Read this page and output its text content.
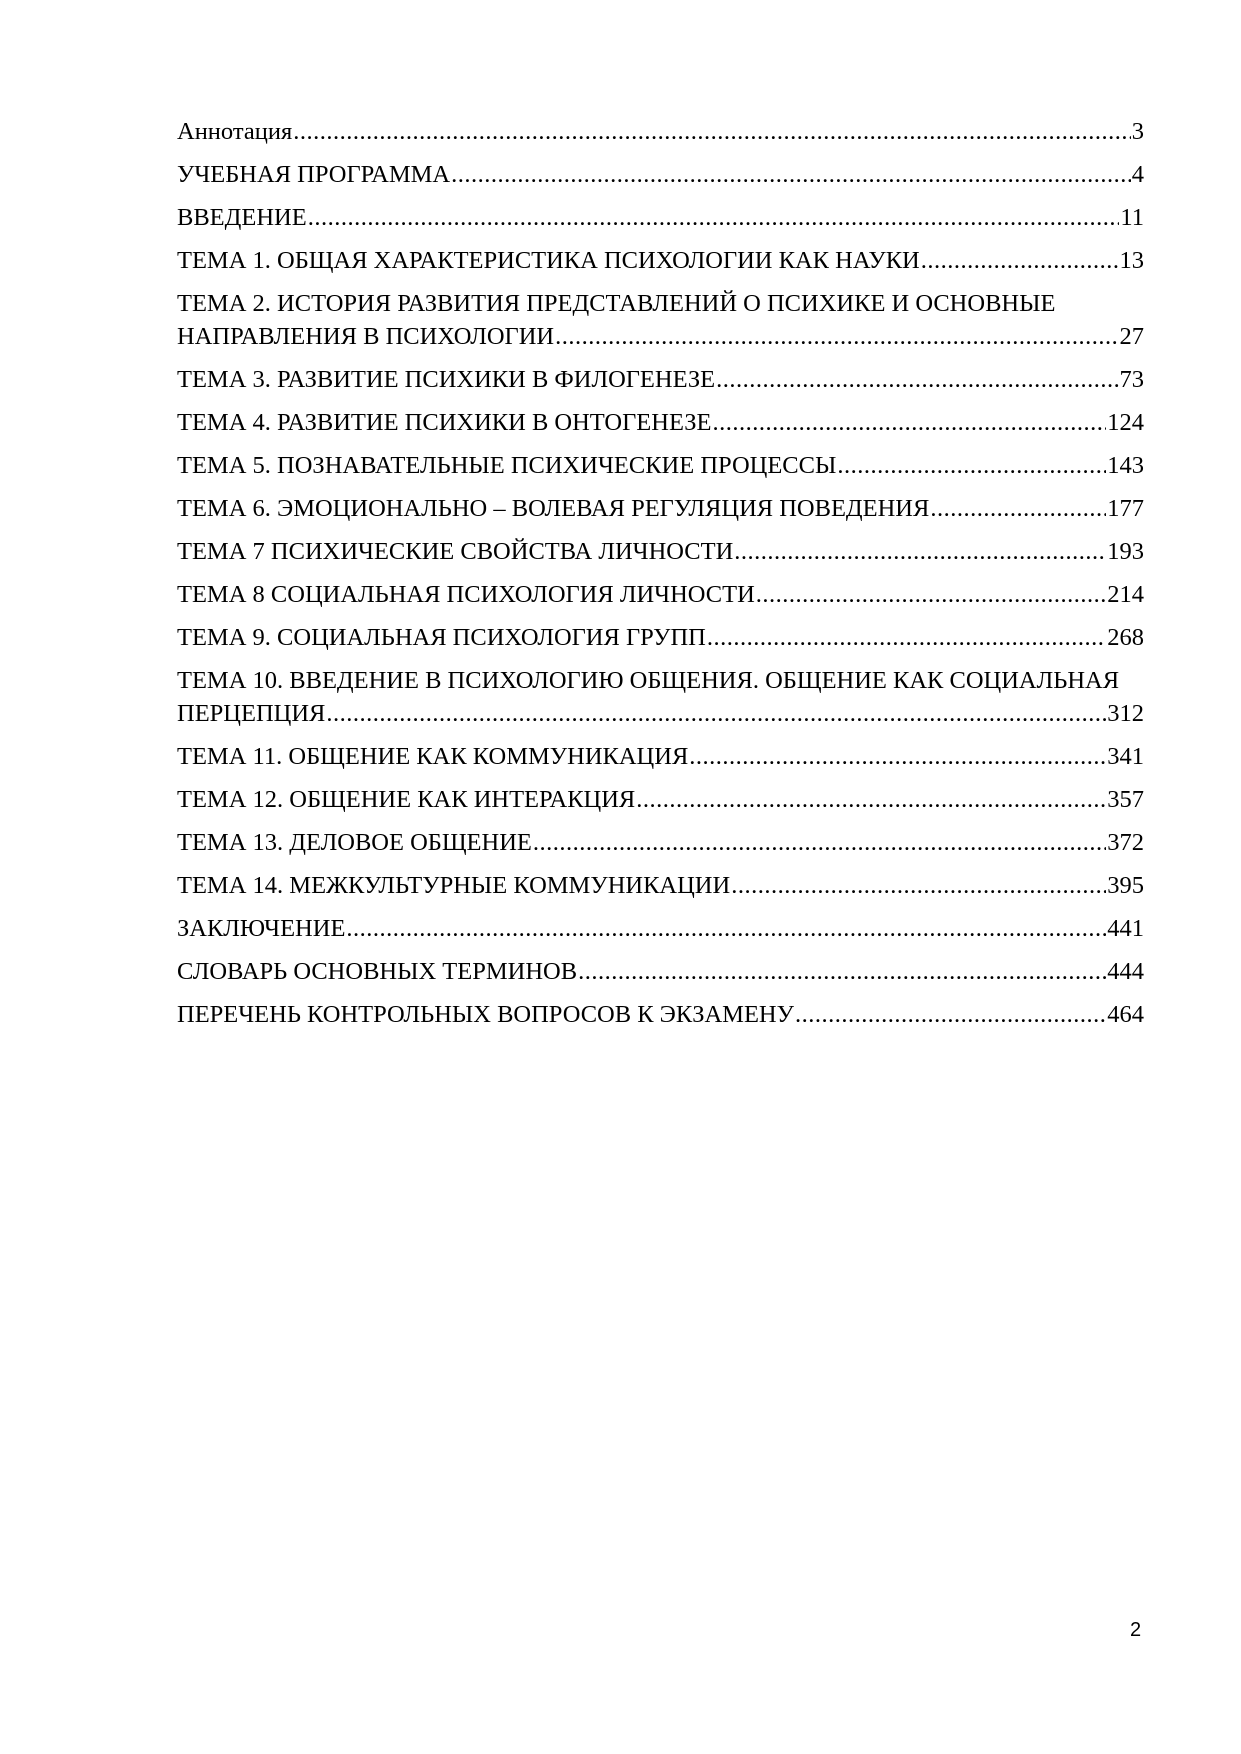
Аннотация .....	3
УЧЕБНАЯ ПРОГРАММА .....	4
ВВЕДЕНИЕ .....	11
ТЕМА 1. ОБЩАЯ ХАРАКТЕРИСТИКА ПСИХОЛОГИИ КАК НАУКИ .....	13
ТЕМА 2. ИСТОРИЯ РАЗВИТИЯ ПРЕДСТАВЛЕНИЙ О ПСИХИКЕ И ОСНОВНЫЕ
НАПРАВЛЕНИЯ В ПСИХОЛОГИИ .....	27
ТЕМА 3. РАЗВИТИЕ ПСИХИКИ В ФИЛОГЕНЕЗЕ .....	73
ТЕМА 4. РАЗВИТИЕ ПСИХИКИ В ОНТОГЕНЕЗЕ .....	124
ТЕМА 5. ПОЗНАВАТЕЛЬНЫЕ ПСИХИЧЕСКИЕ ПРОЦЕССЫ .....	143
ТЕМА 6. ЭМОЦИОНАЛЬНО – ВОЛЕВАЯ РЕГУЛЯЦИЯ ПОВЕДЕНИЯ .....	177
ТЕМА 7 ПСИХИЧЕСКИЕ СВОЙСТВА ЛИЧНОСТИ .....	193
ТЕМА 8 СОЦИАЛЬНАЯ ПСИХОЛОГИЯ ЛИЧНОСТИ .....	214
ТЕМА 9. СОЦИАЛЬНАЯ ПСИХОЛОГИЯ ГРУПП .....	268
ТЕМА 10. ВВЕДЕНИЕ В ПСИХОЛОГИЮ ОБЩЕНИЯ. ОБЩЕНИЕ КАК СОЦИАЛЬНАЯ
ПЕРЦЕПЦИЯ .....	312
ТЕМА 11. ОБЩЕНИЕ КАК КОММУНИКАЦИЯ .....	341
ТЕМА 12. ОБЩЕНИЕ КАК ИНТЕРАКЦИЯ .....	357
ТЕМА 13. ДЕЛОВОЕ ОБЩЕНИЕ .....	372
ТЕМА 14. МЕЖКУЛЬТУРНЫЕ КОММУНИКАЦИИ .....	395
ЗАКЛЮЧЕНИЕ .....	441
СЛОВАРЬ ОСНОВНЫХ ТЕРМИНОВ .....	444
ПЕРЕЧЕНЬ КОНТРОЛЬНЫХ ВОПРОСОВ К ЭКЗАМЕНУ .....	464
2
